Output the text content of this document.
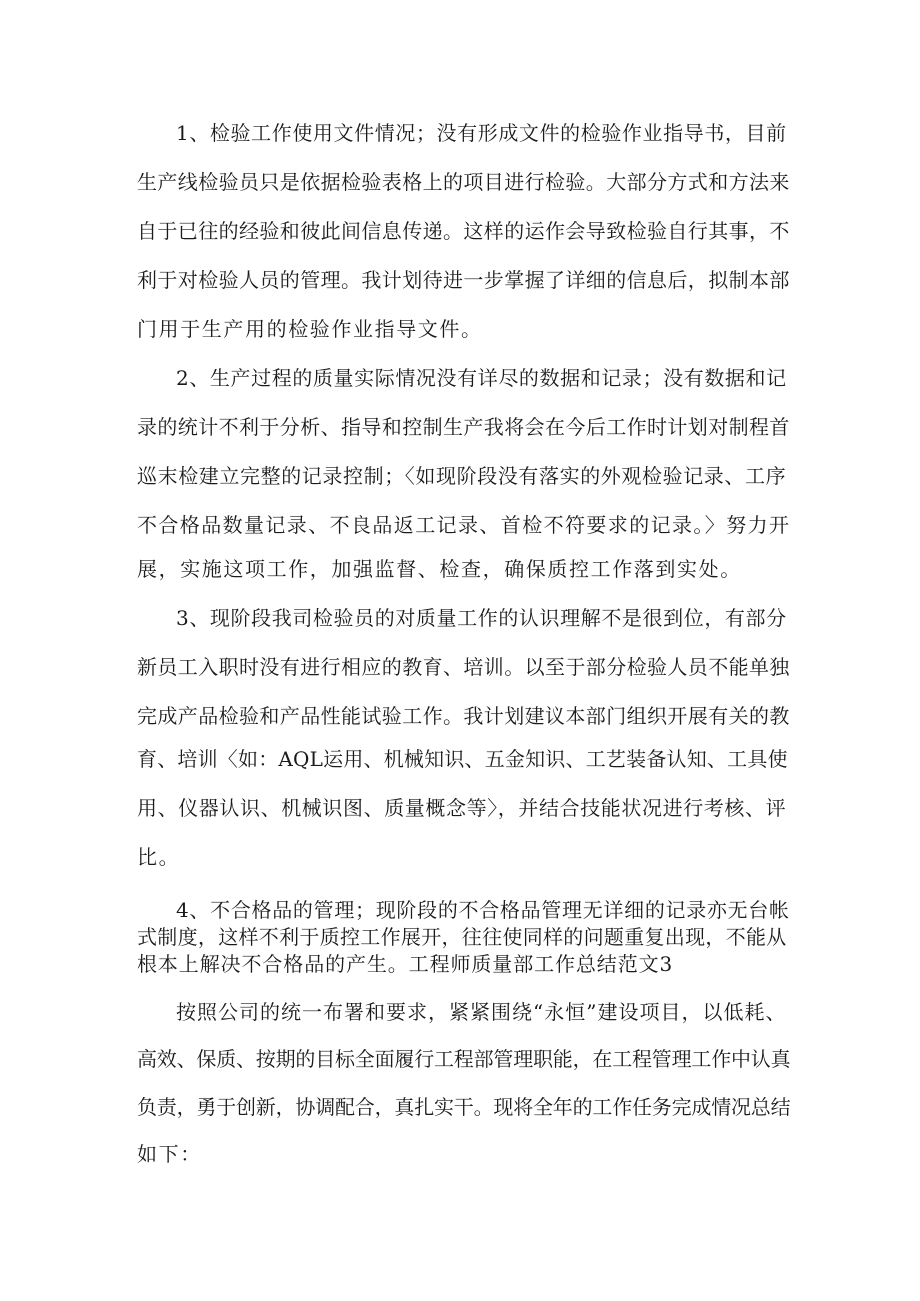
1、检验工作使用文件情况；没有形成文件的检验作业指导书，目前
生产线检验员只是依据检验表格上的项目进行检验。大部分方式和方法来
自于已往的经验和彼此间信息传递。这样的运作会导致检验自行其事，不
利于对检验人员的管理。我计划待进一步掌握了详细的信息后，拟制本部
门用于生产用的检验作业指导文件。
2、生产过程的质量实际情况没有详尽的数据和记录；没有数据和记
录的统计不利于分析、指导和控制生产我将会在今后工作时计划对制程首
巡末检建立完整的记录控制；〈如现阶段没有落实的外观检验记录、工序
不合格品数量记录、不良品返工记录、首检不符要求的记录。〉努力开
展，实施这项工作，加强监督、检查，确保质控工作落到实处。
3、现阶段我司检验员的对质量工作的认识理解不是很到位，有部分
新员工入职时没有进行相应的教育、培训。以至于部分检验人员不能单独
完成产品检验和产品性能试验工作。我计划建议本部门组织开展有关的教
育、培训〈如：AQL运用、机械知识、五金知识、工艺装备认知、工具使
用、仪器认识、机械识图、质量概念等〉，并结合技能状况进行考核、评
比。
4、不合格品的管理；现阶段的不合格品管理无详细的记录亦无台帐
式制度，这样不利于质控工作展开，往往使同样的问题重复出现，不能从
根本上解决不合格品的产生。工程师质量部工作总结范文3
按照公司的统一布署和要求，紧紧围绕“永恒”建设项目，以低耗、
高效、保质、按期的目标全面履行工程部管理职能，在工程管理工作中认真
负责，勇于创新，协调配合，真扎实干。现将全年的工作任务完成情况总结
如下：
